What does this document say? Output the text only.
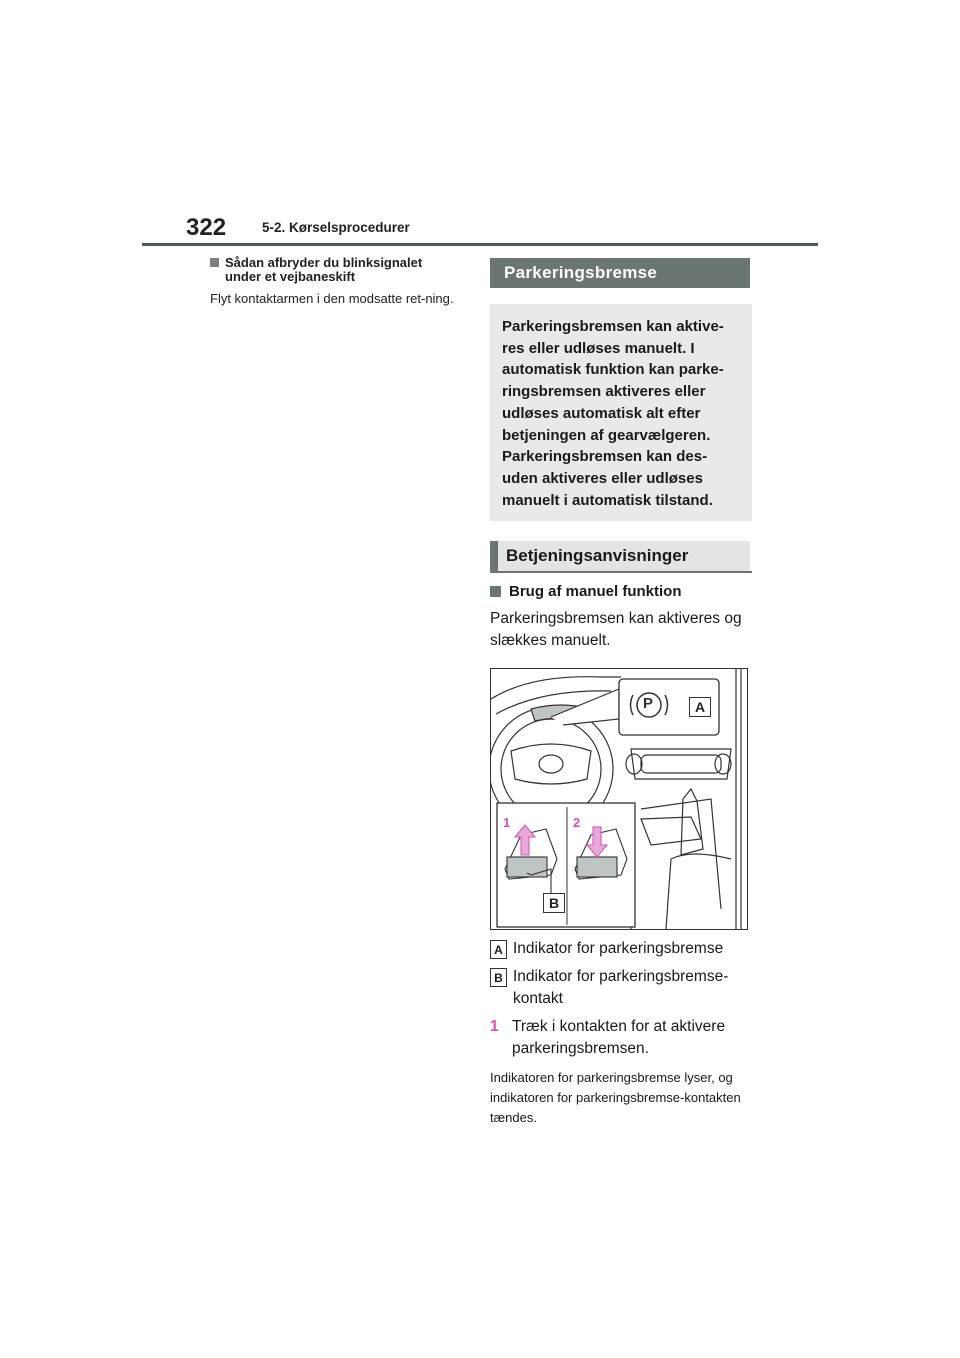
322	5-2. Kørselsprocedurer
Sådan afbryder du blinksignalet under et vejbaneskift
Flyt kontaktarmen i den modsatte ret-ning.
Parkeringsbremse
Parkeringsbremsen kan aktive-res eller udløses manuelt. I automatisk funktion kan parke-ringsbremsen aktiveres eller udløses automatisk alt efter betjeningen af gearvælgeren. Parkeringsbremsen kan des-uden aktiveres eller udløses manuelt i automatisk tilstand.
Betjeningsanvisninger
Brug af manuel funktion
Parkeringsbremsen kan aktiveres og slækkes manuelt.
A
B
1	2
P
A Indikator for parkeringsbremse
B Indikator for parkeringsbremse-kontakt
1 Træk i kontakten for at aktivere parkeringsbremsen.
Indikatoren for parkeringsbremse lyser, og indikatoren for parkeringsbremse-kontakten tændes.
